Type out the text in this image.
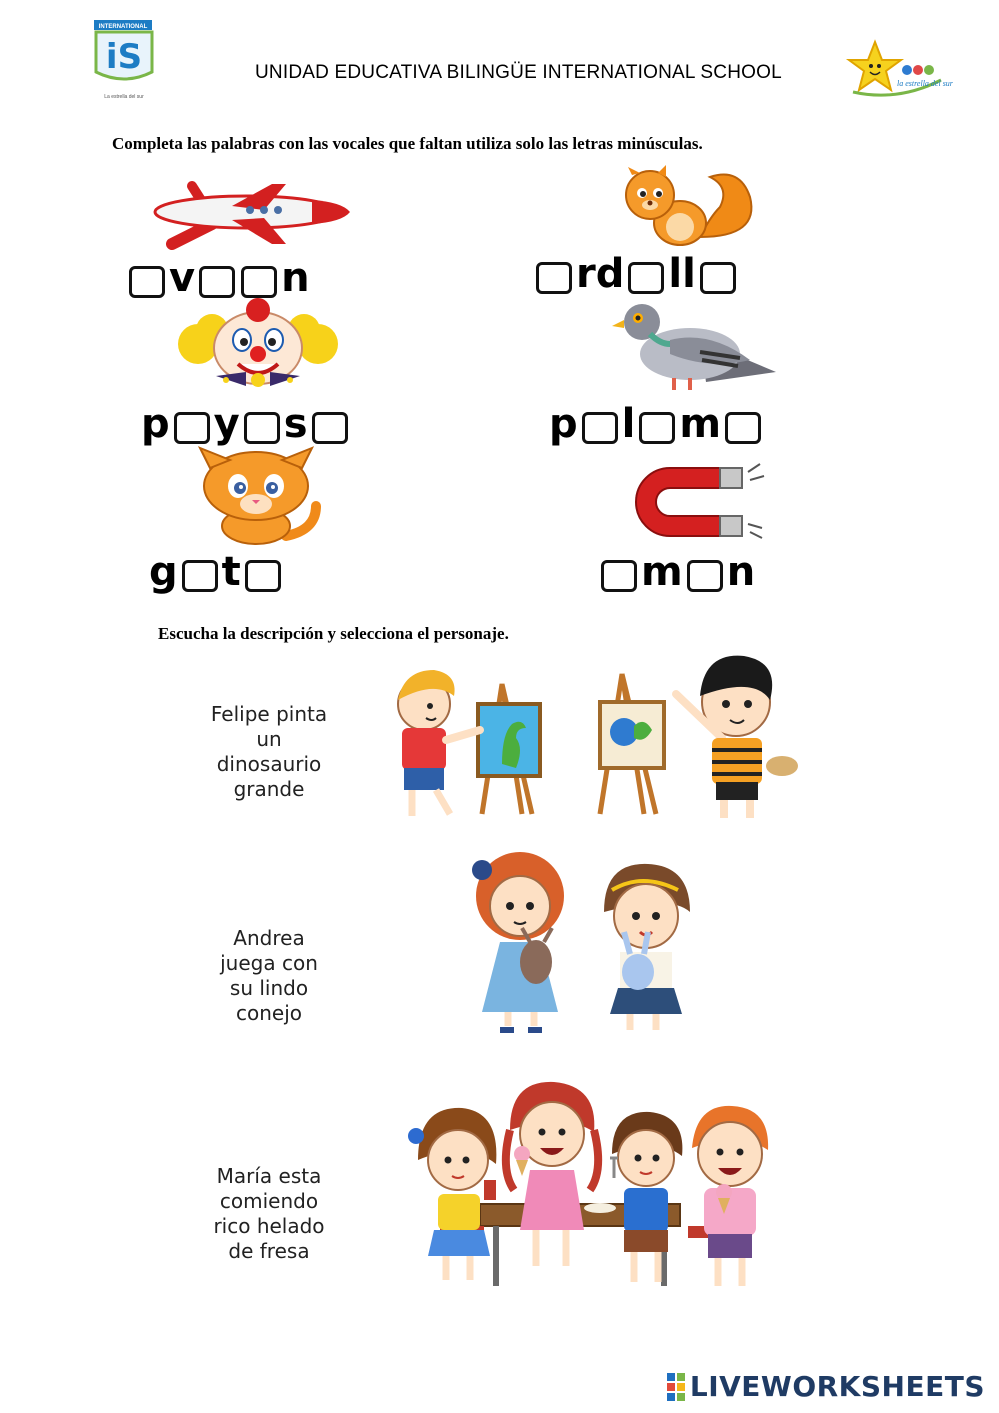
INTERNATIONAL
iS
La estrella del sur
UNIDAD EDUCATIVA BILINGÜE INTERNATIONAL SCHOOL
la estrella del sur
Completa las palabras con las vocales que faltan utiliza solo las letras minúsculas.
v n	rd ll
p y s	p l m
g t	m n
Escucha la descripción y selecciona el personaje.
Felipe pinta
un
dinosaurio
grande
Andrea
juega con
su lindo
conejo
María esta
comiendo
rico helado
de fresa
LIVEWORKSHEETS
